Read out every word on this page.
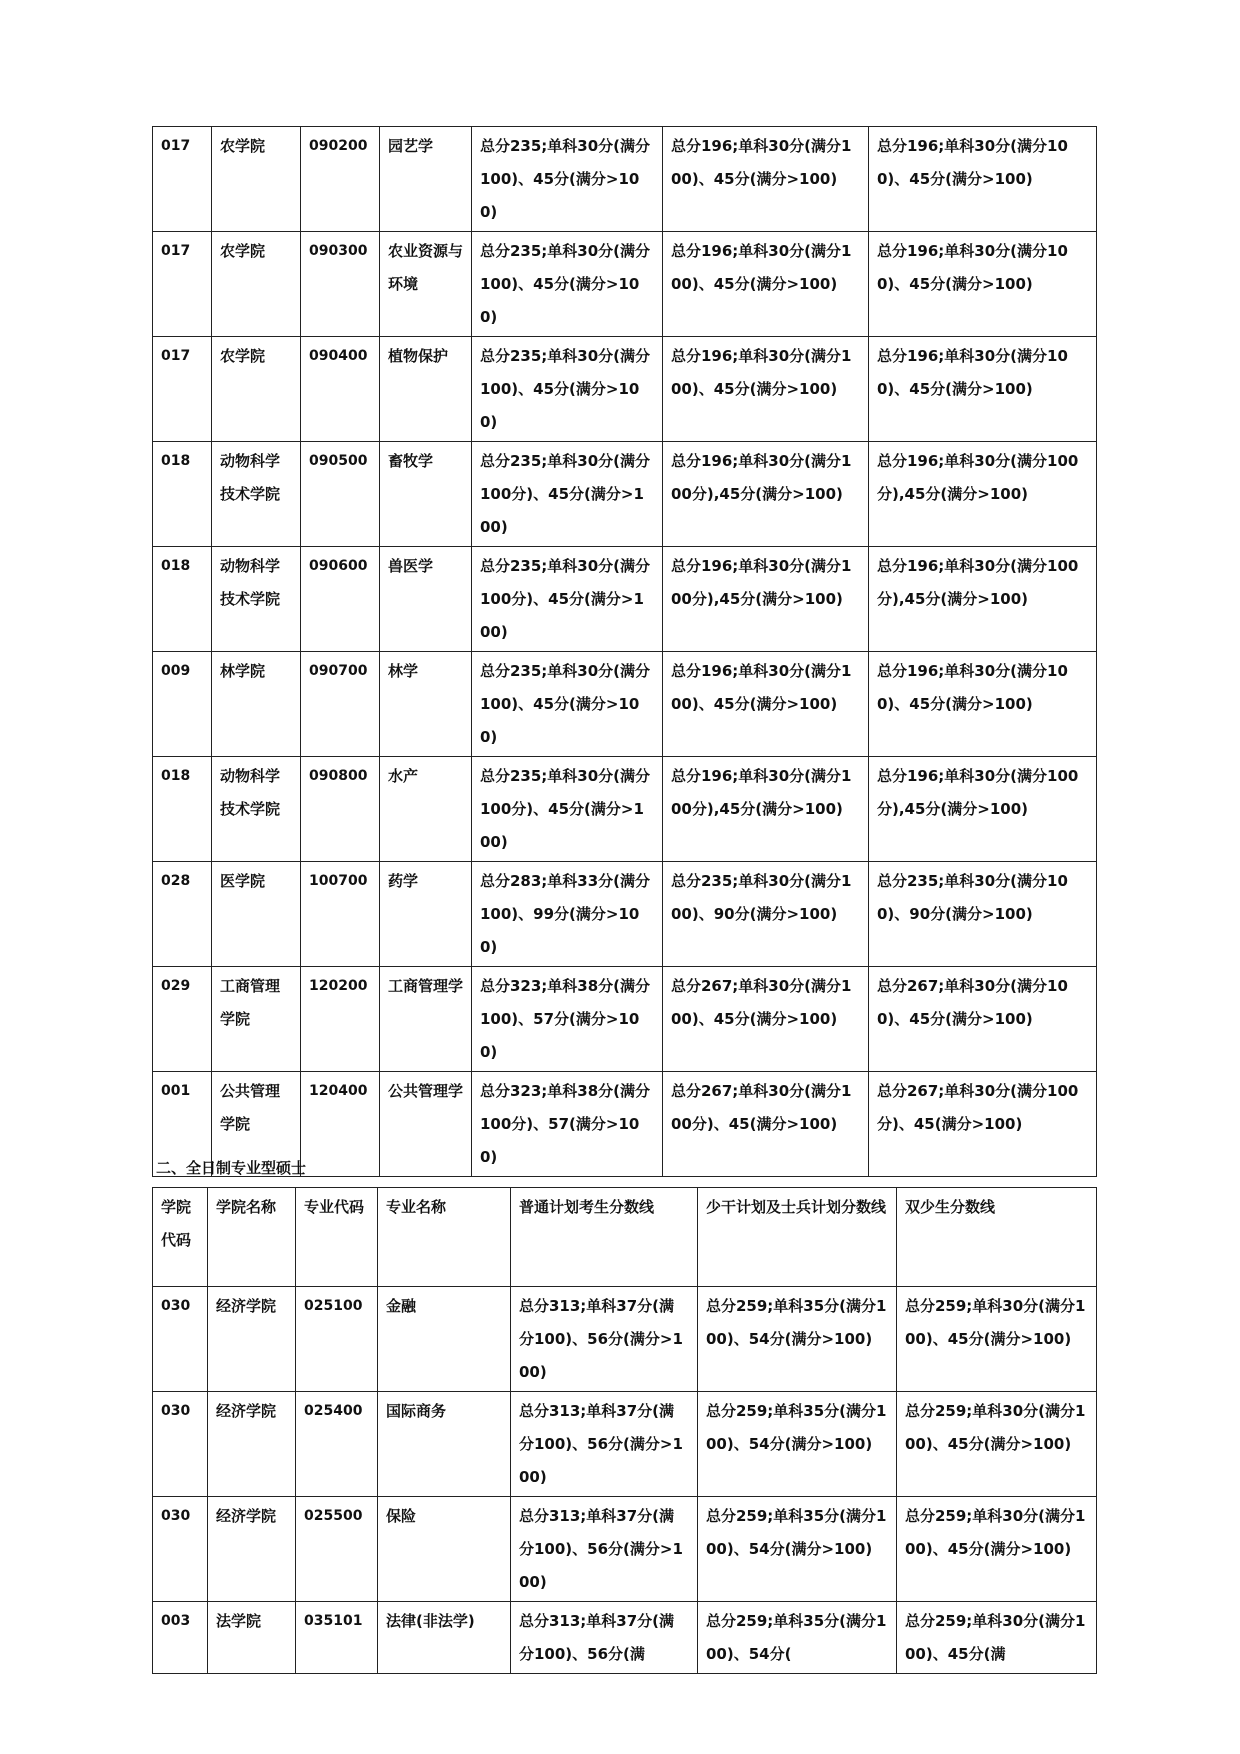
017	农学院	090200	园艺学	总分235;单科30分(满分100)、45分(满分>100)	总分196;单科30分(满分100)、45分(满分>100)	总分196;单科30分(满分100)、45分(满分>100)
017	农学院	090300	农业资源与环境	总分235;单科30分(满分100)、45分(满分>100)	总分196;单科30分(满分100)、45分(满分>100)	总分196;单科30分(满分100)、45分(满分>100)
017	农学院	090400	植物保护	总分235;单科30分(满分100)、45分(满分>100)	总分196;单科30分(满分100)、45分(满分>100)	总分196;单科30分(满分100)、45分(满分>100)
018	动物科学技术学院	090500	畜牧学	总分235;单科30分(满分100分)、45分(满分>100)	总分196;单科30分(满分100分),45分(满分>100)	总分196;单科30分(满分100分),45分(满分>100)
018	动物科学技术学院	090600	兽医学	总分235;单科30分(满分100分)、45分(满分>100)	总分196;单科30分(满分100分),45分(满分>100)	总分196;单科30分(满分100分),45分(满分>100)
009	林学院	090700	林学	总分235;单科30分(满分100)、45分(满分>100)	总分196;单科30分(满分100)、45分(满分>100)	总分196;单科30分(满分100)、45分(满分>100)
018	动物科学技术学院	090800	水产	总分235;单科30分(满分100分)、45分(满分>100)	总分196;单科30分(满分100分),45分(满分>100)	总分196;单科30分(满分100分),45分(满分>100)
028	医学院	100700	药学	总分283;单科33分(满分100)、99分(满分>100)	总分235;单科30分(满分100)、90分(满分>100)	总分235;单科30分(满分100)、90分(满分>100)
029	工商管理学院	120200	工商管理学	总分323;单科38分(满分100)、57分(满分>100)	总分267;单科30分(满分100)、45分(满分>100)	总分267;单科30分(满分100)、45分(满分>100)
001	公共管理学院	120400	公共管理学	总分323;单科38分(满分100分)、57(满分>100)	总分267;单科30分(满分100分)、45(满分>100)	总分267;单科30分(满分100分)、45(满分>100)

二、全日制专业型硕士

学院代码	学院名称	专业代码	专业名称	普通计划考生分数线	少干计划及士兵计划分数线	双少生分数线
030	经济学院	025100	金融	总分313;单科37分(满分100)、56分(满分>100)	总分259;单科35分(满分100)、54分(满分>100)	总分259;单科30分(满分100)、45分(满分>100)
030	经济学院	025400	国际商务	总分313;单科37分(满分100)、56分(满分>100)	总分259;单科35分(满分100)、54分(满分>100)	总分259;单科30分(满分100)、45分(满分>100)
030	经济学院	025500	保险	总分313;单科37分(满分100)、56分(满分>100)	总分259;单科35分(满分100)、54分(满分>100)	总分259;单科30分(满分100)、45分(满分>100)
003	法学院	035101	法律(非法学)	总分313;单科37分(满分100)、56分(满	总分259;单科35分(满分100)、54分(	总分259;单科30分(满分100)、45分(满
